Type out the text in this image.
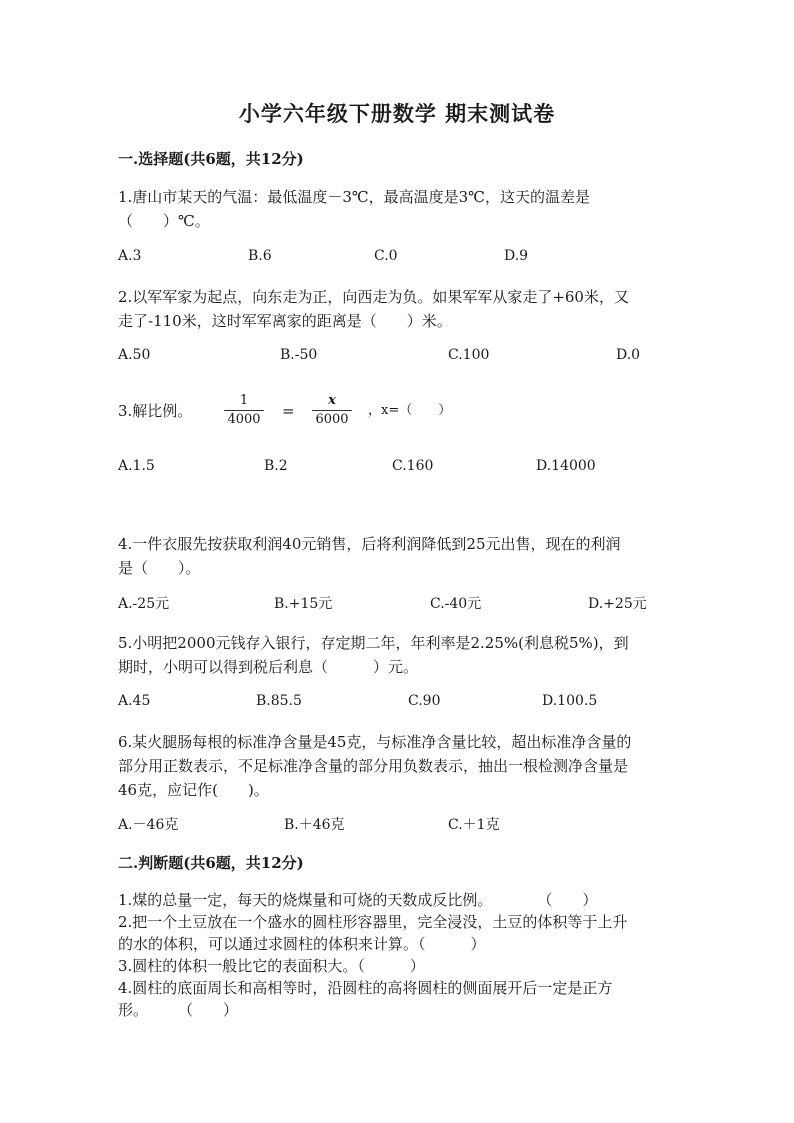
小学六年级下册数学 期末测试卷
一.选择题(共6题，共12分)
1.唐山市某天的气温：最低温度－3℃，最高温度是3℃，这天的温差是
（　　）℃。
A.3	B.6	C.0	D.9
2.以军军家为起点，向东走为正，向西走为负。如果军军从家走了+60米，又
走了-110米，这时军军离家的距离是（　　）米。
A.50	B.-50	C.100	D.0
3.解比例。
1
4000 =
x
6000
，x=（　　）
A.1.5	B.2	C.160	D.14000
4.一件衣服先按获取利润40元销售，后将利润降低到25元出售，现在的利润
是（　　）。
A.-25元	B.+15元	C.-40元	D.+25元
5.小明把2000元钱存入银行，存定期二年，年利率是2.25%(利息税5%)，到
期时，小明可以得到税后利息（　　　）元。
A.45	B.85.5	C.90	D.100.5
6.某火腿肠每根的标准净含量是45克，与标准净含量比较，超出标准净含量的
部分用正数表示，不足标准净含量的部分用负数表示，抽出一根检测净含量是
46克，应记作(　　)。
A.－46克	B.＋46克	C.＋1克
二.判断题(共6题，共12分)
1.煤的总量一定，每天的烧煤量和可烧的天数成反比例。　　　　（　　）
2.把一个土豆放在一个盛水的圆柱形容器里，完全浸没，土豆的体积等于上升
的水的体积，可以通过求圆柱的体积来计算。（　　　）
3.圆柱的体积一般比它的表面积大。（　　　）
4.圆柱的底面周长和高相等时，沿圆柱的高将圆柱的侧面展开后一定是正方
形。　　　（　　）
